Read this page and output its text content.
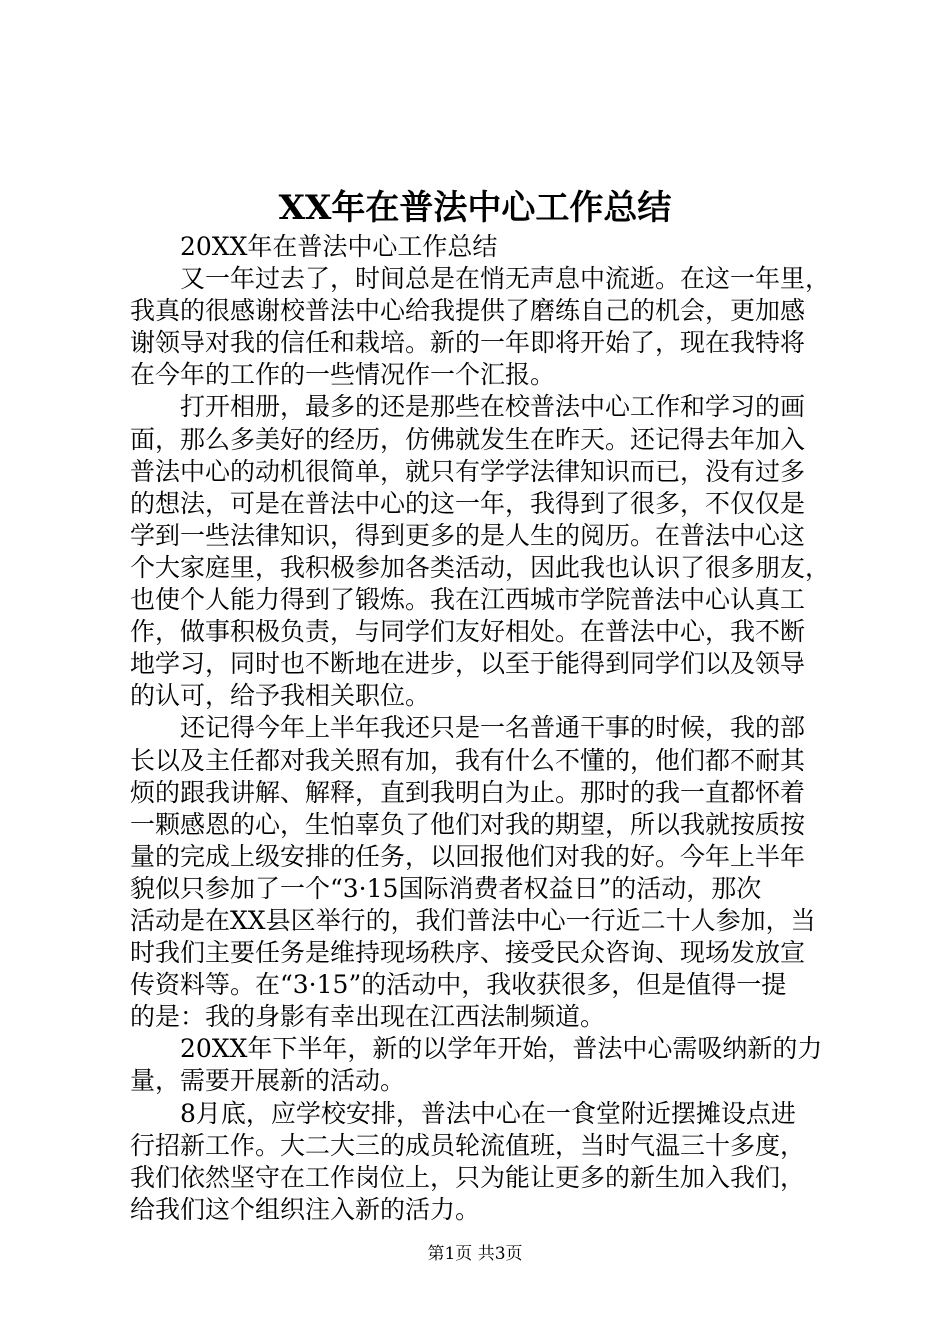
XX年在普法中心工作总结
20XX年在普法中心工作总结
又一年过去了，时间总是在悄无声息中流逝。在这一年里，
我真的很感谢校普法中心给我提供了磨练自己的机会，更加感
谢领导对我的信任和栽培。新的一年即将开始了，现在我特将
在今年的工作的一些情况作一个汇报。
打开相册，最多的还是那些在校普法中心工作和学习的画
面，那么多美好的经历，仿佛就发生在昨天。还记得去年加入
普法中心的动机很简单，就只有学学法律知识而已，没有过多
的想法，可是在普法中心的这一年，我得到了很多，不仅仅是
学到一些法律知识，得到更多的是人生的阅历。在普法中心这
个大家庭里，我积极参加各类活动，因此我也认识了很多朋友，
也使个人能力得到了锻炼。我在江西城市学院普法中心认真工
作，做事积极负责，与同学们友好相处。在普法中心，我不断
地学习，同时也不断地在进步，以至于能得到同学们以及领导
的认可，给予我相关职位。
还记得今年上半年我还只是一名普通干事的时候，我的部
长以及主任都对我关照有加，我有什么不懂的，他们都不耐其
烦的跟我讲解、解释，直到我明白为止。那时的我一直都怀着
一颗感恩的心，生怕辜负了他们对我的期望，所以我就按质按
量的完成上级安排的任务，以回报他们对我的好。今年上半年
貌似只参加了一个“3·15国际消费者权益日”的活动，那次
活动是在XX县区举行的，我们普法中心一行近二十人参加，当
时我们主要任务是维持现场秩序、接受民众咨询、现场发放宣
传资料等。在“3·15”的活动中，我收获很多，但是值得一提
的是：我的身影有幸出现在江西法制频道。
20XX年下半年，新的以学年开始，普法中心需吸纳新的力
量，需要开展新的活动。
8月底，应学校安排，普法中心在一食堂附近摆摊设点进
行招新工作。大二大三的成员轮流值班，当时气温三十多度，
我们依然坚守在工作岗位上，只为能让更多的新生加入我们，
给我们这个组织注入新的活力。
第1页 共3页
